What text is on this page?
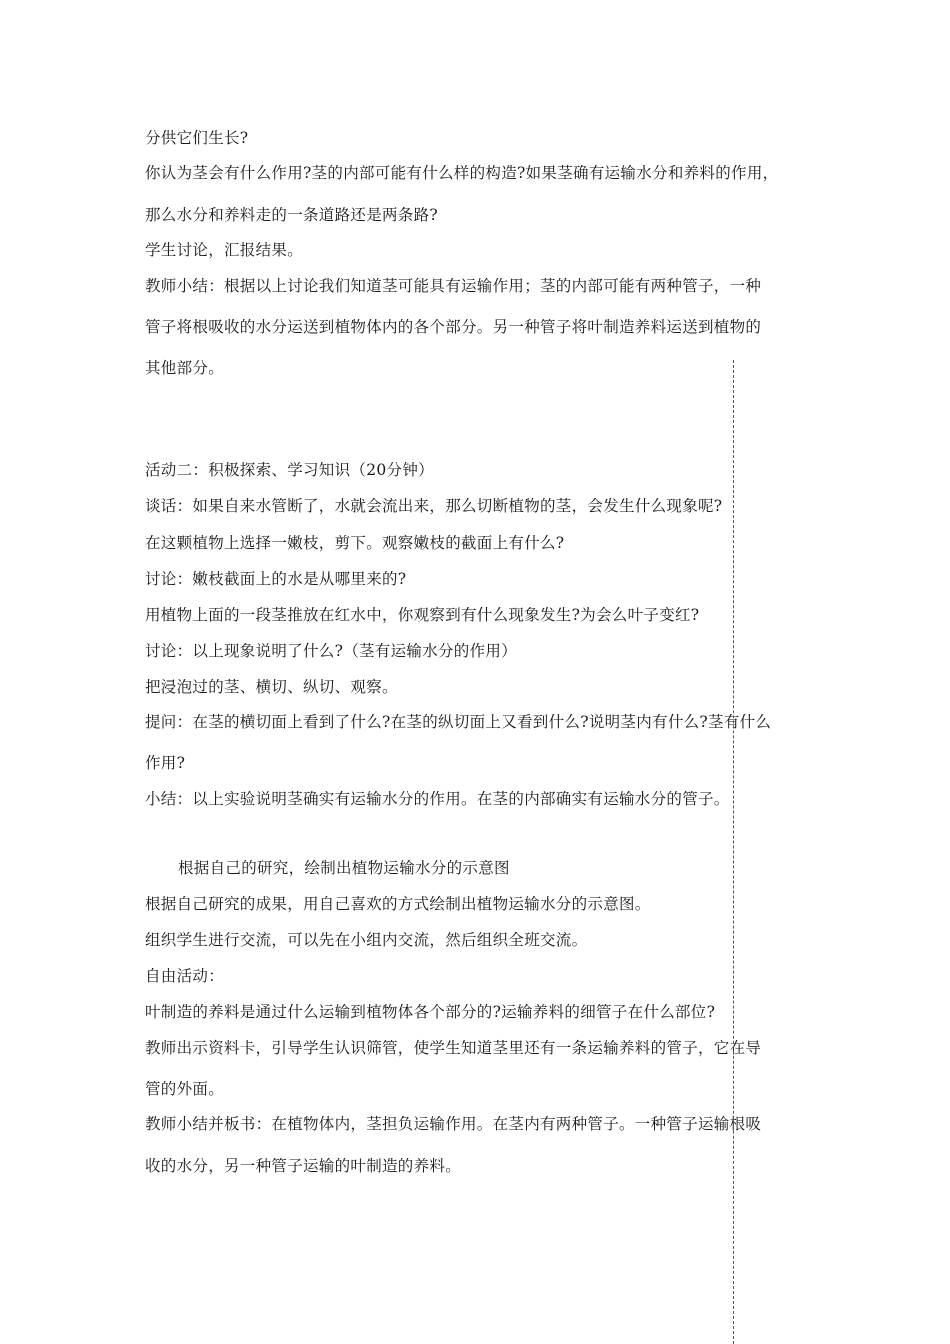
分供它们生长?
你认为茎会有什么作用?茎的内部可能有什么样的构造?如果茎确有运输水分和养料的作用，
那么水分和养料走的一条道路还是两条路?
学生讨论，汇报结果。
教师小结：根据以上讨论我们知道茎可能具有运输作用；茎的内部可能有两种管子，一种
管子将根吸收的水分运送到植物体内的各个部分。另一种管子将叶制造养料运送到植物的
其他部分。
活动二：积极探索、学习知识（20分钟）
谈话：如果自来水管断了，水就会流出来，那么切断植物的茎，会发生什么现象呢?
在这颗植物上选择一嫩枝，剪下。观察嫩枝的截面上有什么?
讨论：嫩枝截面上的水是从哪里来的?
用植物上面的一段茎推放在红水中，你观察到有什么现象发生?为会么叶子变红?
讨论：以上现象说明了什么?（茎有运输水分的作用）
把浸泡过的茎、横切、纵切、观察。
提问：在茎的横切面上看到了什么?在茎的纵切面上又看到什么?说明茎内有什么?茎有什么
作用?
小结：以上实验说明茎确实有运输水分的作用。在茎的内部确实有运输水分的管子。
根据自己的研究，绘制出植物运输水分的示意图
根据自己研究的成果，用自己喜欢的方式绘制出植物运输水分的示意图。
组织学生进行交流，可以先在小组内交流，然后组织全班交流。
自由活动：
叶制造的养料是通过什么运输到植物体各个部分的?运输养料的细管子在什么部位?
教师出示资料卡，引导学生认识筛管，使学生知道茎里还有一条运输养料的管子，它在导
管的外面。
教师小结并板书：在植物体内，茎担负运输作用。在茎内有两种管子。一种管子运输根吸
收的水分，另一种管子运输的叶制造的养料。
